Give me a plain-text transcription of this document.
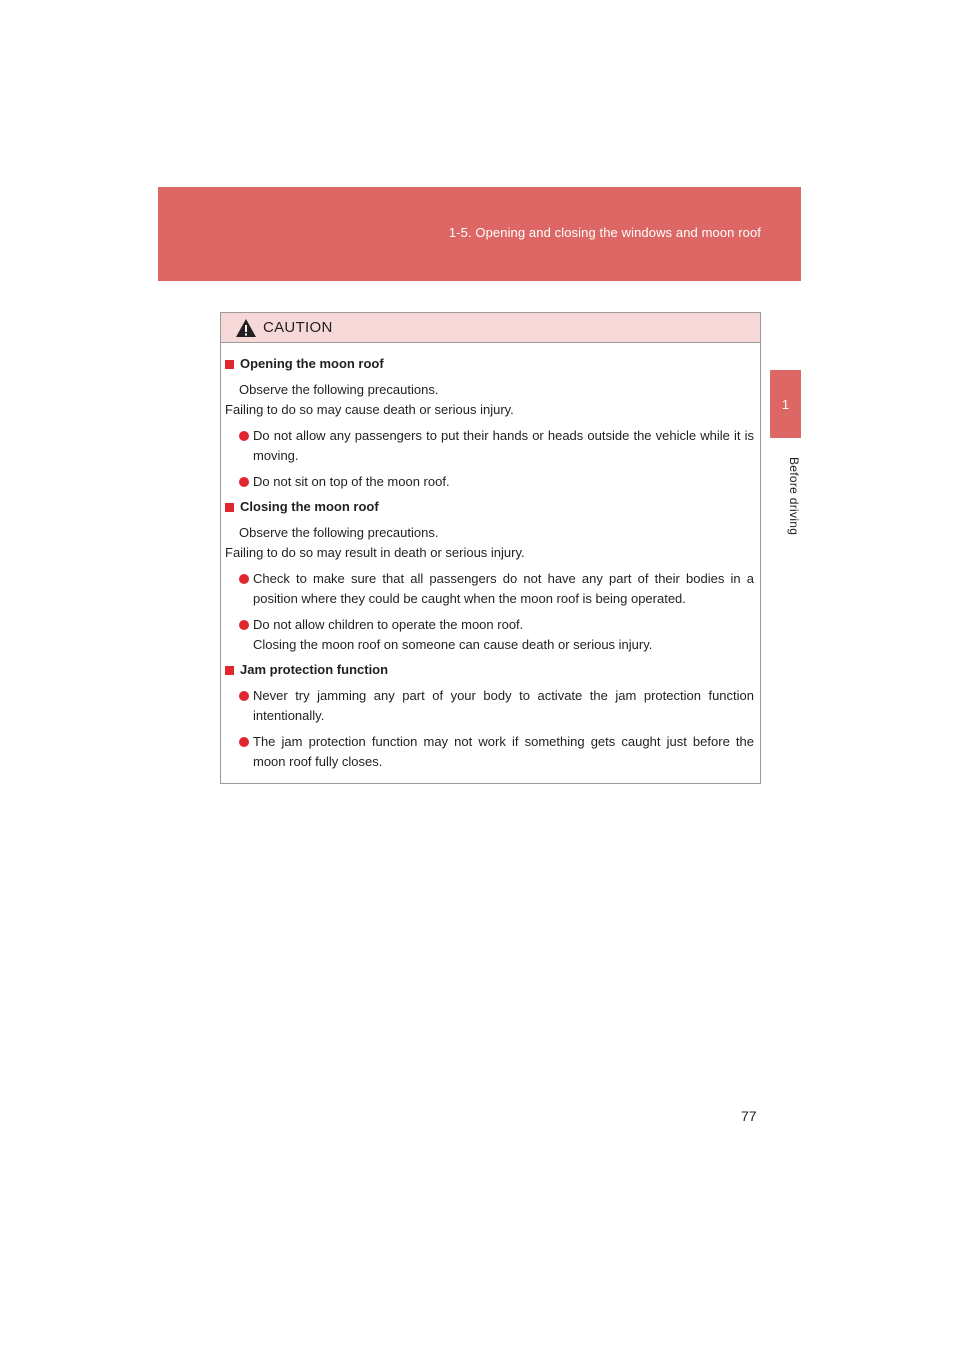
1-5. Opening and closing the windows and moon roof
1
Before driving
CAUTION
Opening the moon roof
Observe the following precautions.
Failing to do so may cause death or serious injury.
Do not allow any passengers to put their hands or heads outside the vehicle while it is moving.
Do not sit on top of the moon roof.
Closing the moon roof
Observe the following precautions.
Failing to do so may result in death or serious injury.
Check to make sure that all passengers do not have any part of their bodies in a position where they could be caught when the moon roof is being operated.
Do not allow children to operate the moon roof.
Closing the moon roof on someone can cause death or serious injury.
Jam protection function
Never try jamming any part of your body to activate the jam protection function intentionally.
The jam protection function may not work if something gets caught just before the moon roof fully closes.
77
